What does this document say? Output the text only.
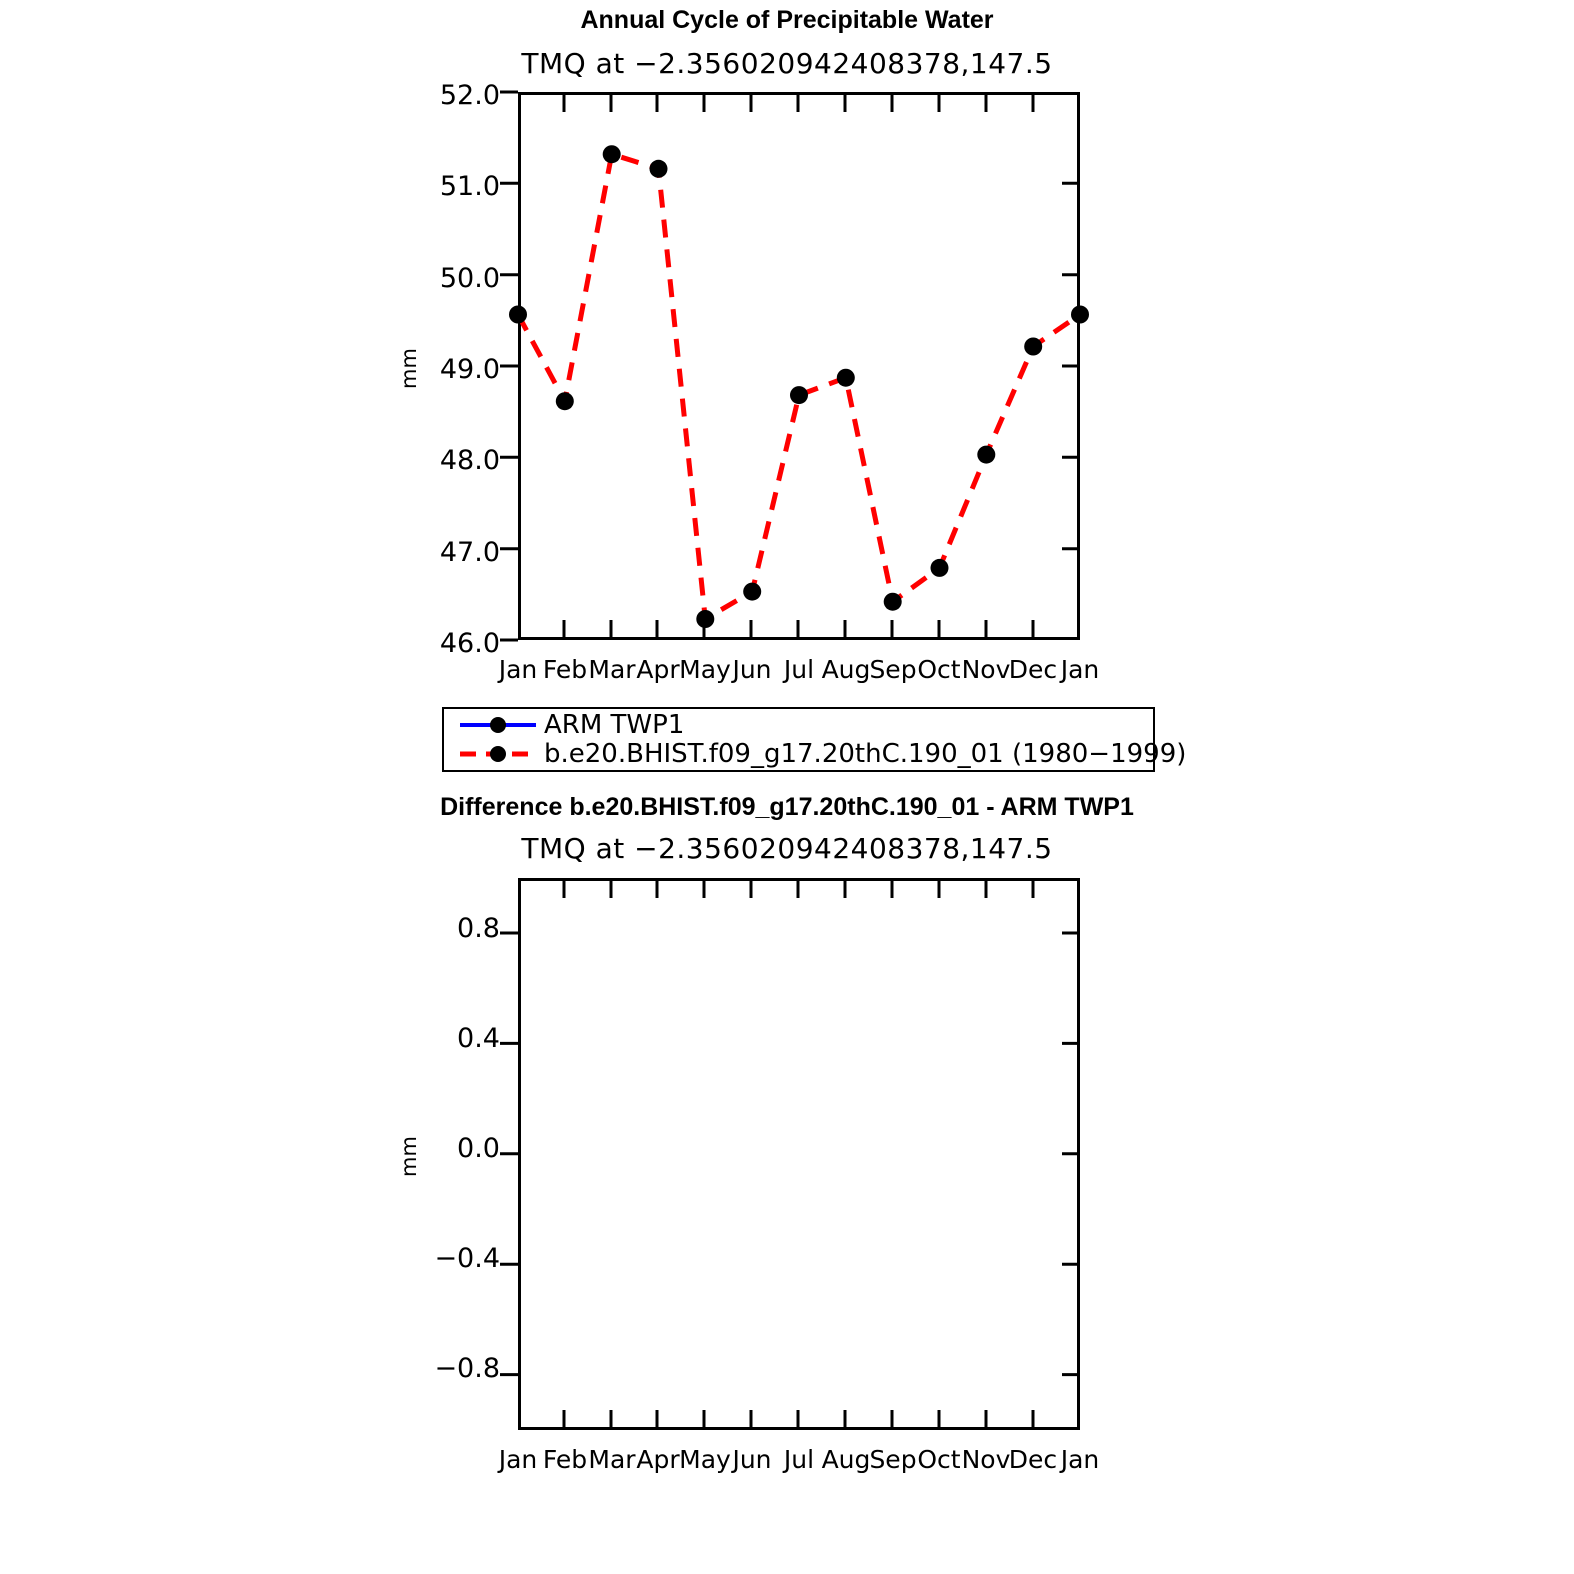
Annual Cycle of Precipitable Water
TMQ at −2.356020942408378,147.5
mm
52.0
51.0
50.0
49.0
48.0
47.0
46.0
Jan Feb Mar Apr May Jun Jul Aug Sep Oct Nov
Dec Jan
ARM TWP1
b.e20.BHIST.f09_g17.20thC.190_01 (1980−1999)
Difference b.e20.BHIST.f09_g17.20thC.190_01 - ARM TWP1
TMQ at −2.356020942408378,147.5
mm
0.8
0.4
0.0
−0.4
−0.8
Jan Feb Mar Apr May Jun Jul Aug Sep Oct Nov
Dec Jan
